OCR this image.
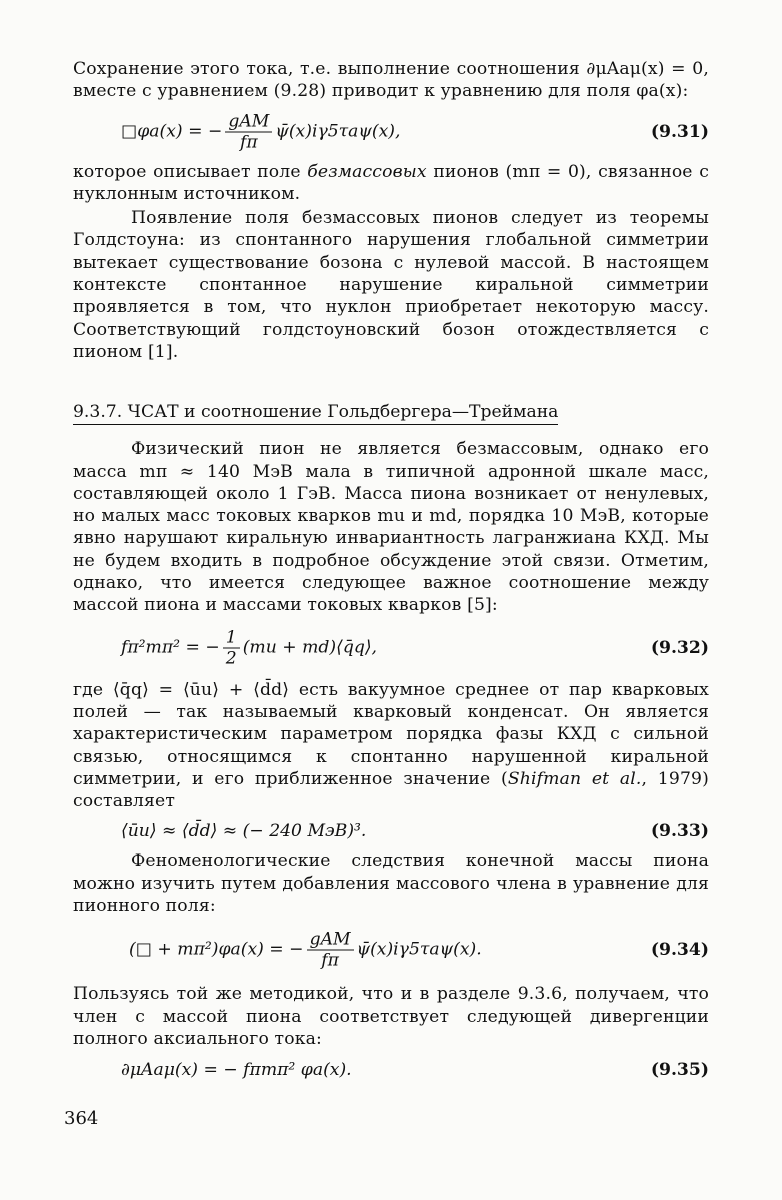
Сохранение этого тока, т.е. выполнение соотношения ∂μAaμ(x) = 0, вместе с уравнением (9.28) приводит к уравнению для поля φa(x):

□φa(x) = − $\frac{\text{gAM}}{f\pi}$ ψ̄(x)iγ5τaψ(x),	(9.31)

которое описывает поле безмассовых пионов (mπ = 0), связанное с нуклонным источником.

Появление поля безмассовых пионов следует из теоремы Голдстоуна: из спонтанного нарушения глобальной симметрии вытекает существование бозона с нулевой массой. В настоящем контексте спонтанное нарушение киральной симметрии проявляется в том, что нуклон приобретает некоторую массу. Соответствующий голдстоуновский бозон отождествляется с пионом [1].

9.3.7. ЧСАТ и соотношение Гольдбергера—Треймана

Физический пион не является безмассовым, однако его масса mπ ≈ 140 МэВ мала в типичной адронной шкале масс, составляющей около 1 ГэВ. Масса пиона возникает от ненулевых, но малых масс токовых кварков mu и md, порядка 10 МэВ, которые явно нарушают киральную инвариантность лагранжиана КХД. Мы не будем входить в подробное обсуждение этой связи. Отметим, однако, что имеется следующее важное соотношение между массой пиона и массами токовых кварков [5]:

fπ²mπ² = − $\frac{1}{2} (mu$ + md)⟨q̄q⟩,	(9.32)

где ⟨q̄q⟩ = ⟨ūu⟩ + ⟨d̄d⟩ есть вакуумное среднее от пар кварковых полей — так называемый кварковый конденсат. Он является характеристическим параметром порядка фазы КХД с сильной связью, относящимся к спонтанно нарушенной киральной симметрии, и его приближенное значение (Shifman et al., 1979) составляет

⟨ūu⟩ ≈ ⟨d̄d⟩ ≈ (− 240 МэВ)³.	(9.33)

Феноменологические следствия конечной массы пиона можно изучить путем добавления массового члена в уравнение для пионного поля:

(□ + mπ²)φa(x) = − $\frac{\text{gAM}}{f\pi}$ ψ̄(x)iγ5τaψ(x).	(9.34)

Пользуясь той же методикой, что и в разделе 9.3.6, получаем, что член с массой пиона соответствует следующей дивергенции полного аксиального тока:

∂μAaμ(x) = − fπmπ² φa(x).	(9.35)
364
